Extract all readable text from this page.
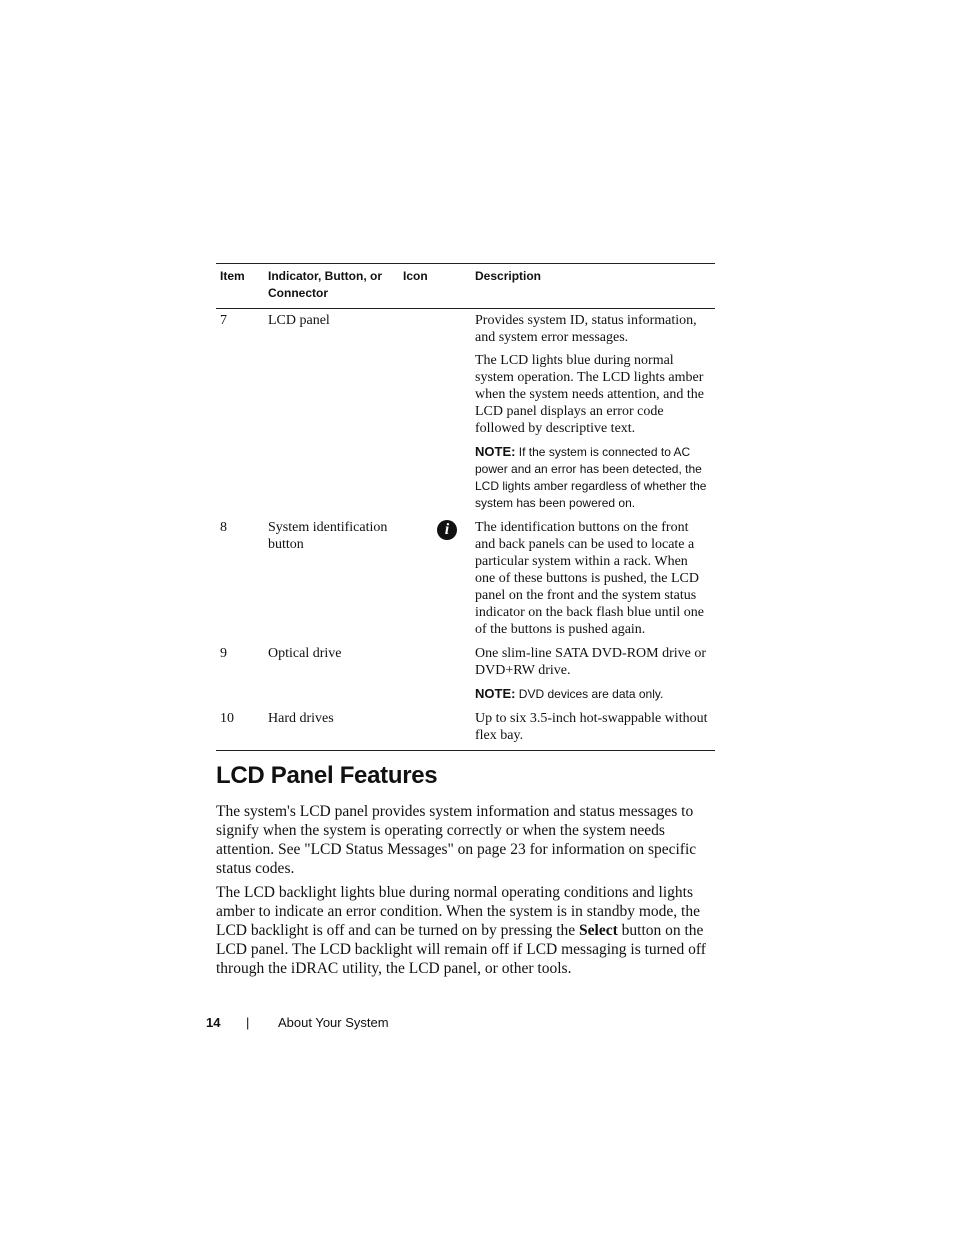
Item	Indicator, Button, or Connector	Icon	Description
7	LCD panel		Provides system ID, status information, and system error messages.

The LCD lights blue during normal system operation. The LCD lights amber when the system needs attention, and the LCD panel displays an error code followed by descriptive text.

NOTE: If the system is connected to AC power and an error has been detected, the LCD lights amber regardless of whether the system has been powered on.

8	System identification button	i	The identification buttons on the front and back panels can be used to locate a particular system within a rack. When one of these buttons is pushed, the LCD panel on the front and the system status indicator on the back flash blue until one of the buttons is pushed again.

9	Optical drive		One slim-line SATA DVD-ROM drive or DVD+RW drive.

NOTE: DVD devices are data only.

10	Hard drives		Up to six 3.5-inch hot-swappable without flex bay.

LCD Panel Features

The system's LCD panel provides system information and status messages to signify when the system is operating correctly or when the system needs attention. See "LCD Status Messages" on page 23 for information on specific status codes.

The LCD backlight lights blue during normal operating conditions and lights amber to indicate an error condition. When the system is in standby mode, the LCD backlight is off and can be turned on by pressing the Select button on the LCD panel. The LCD backlight will remain off if LCD messaging is turned off through the iDRAC utility, the LCD panel, or other tools.

14 | About Your System
